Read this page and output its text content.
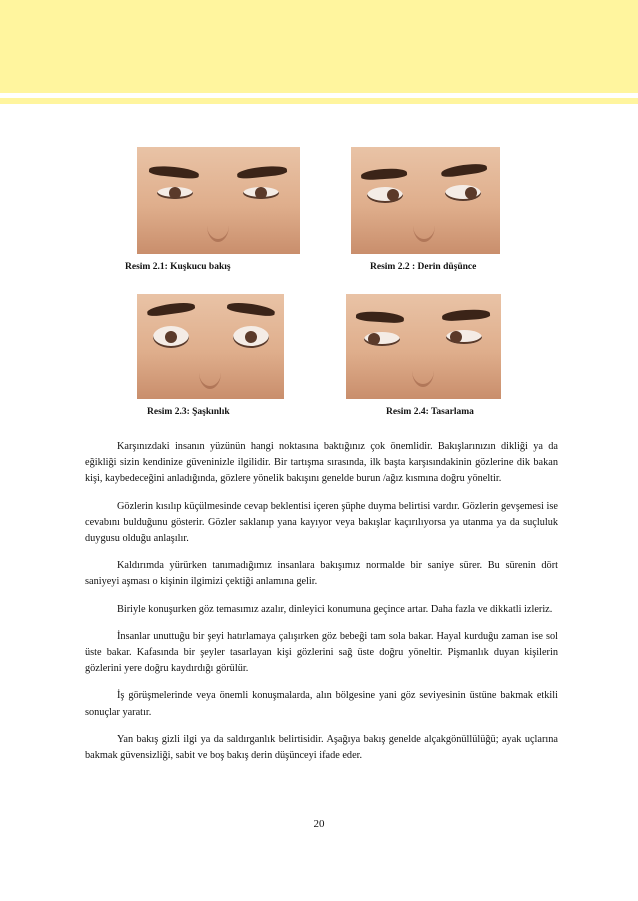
Resim 2.1: Kuşkucu bakış	Resim 2.2 : Derin düşünce
Resim 2.3: Şaşkınlık	Resim 2.4: Tasarlama

Karşınızdaki insanın yüzünün hangi noktasına baktığınız çok önemlidir. Bakışlarınızın dikliği ya da eğikliği sizin kendinize güveninizle ilgilidir. Bir tartışma sırasında, ilk başta karşısındakinin gözlerine dik bakan kişi, kaybedeceğini anladığında, gözlere yönelik bakışını genelde burun /ağız kısmına doğru yöneltir.

Gözlerin kısılıp küçülmesinde cevap beklentisi içeren şüphe duyma belirtisi vardır. Gözlerin gevşemesi ise cevabını bulduğunu gösterir. Gözler saklanıp yana kayıyor veya bakışlar kaçırılıyorsa ya utanma ya da suçluluk duygusu olduğu anlaşılır.

Kaldırımda yürürken tanımadığımız insanlara bakışımız normalde bir saniye sürer. Bu sürenin dört saniyeyi aşması o kişinin ilgimizi çektiği anlamına gelir.

Biriyle konuşurken göz temasımız azalır, dinleyici konumuna geçince artar. Daha fazla ve dikkatli izleriz.

İnsanlar unuttuğu bir şeyi hatırlamaya çalışırken göz bebeği tam sola bakar. Hayal kurduğu zaman ise sol üste bakar. Kafasında bir şeyler tasarlayan kişi gözlerini sağ üste doğru yöneltir. Pişmanlık duyan kişilerin gözlerini yere doğru kaydırdığı görülür.

İş görüşmelerinde veya önemli konuşmalarda, alın bölgesine yani göz seviyesinin üstüne bakmak etkili sonuçlar yaratır.

Yan bakış gizli ilgi ya da saldırganlık belirtisidir. Aşağıya bakış genelde alçakgönüllülüğü; ayak uçlarına bakmak güvensizliği, sabit ve boş bakış derin düşünceyi ifade eder.

20
